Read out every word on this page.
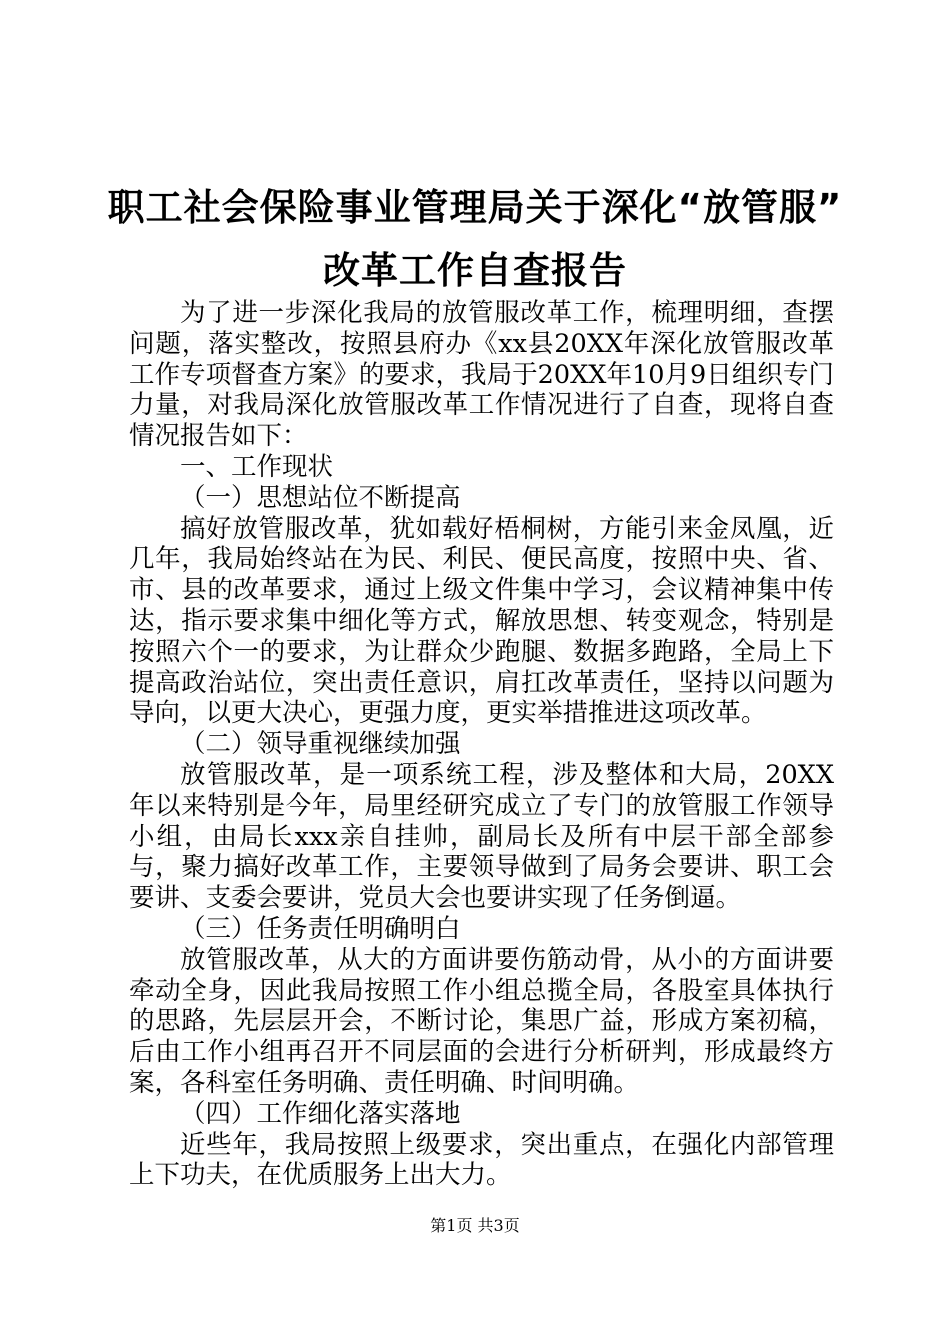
职工社会保险事业管理局关于深化“放管服”
改革工作自查报告

为了进一步深化我局的放管服改革工作，梳理明细，查摆问题，落实整改，按照县府办《xx县20XX年深化放管服改革工作专项督查方案》的要求，我局于20XX年10月9日组织专门力量，对我局深化放管服改革工作情况进行了自查，现将自查情况报告如下：

一、工作现状

（一）思想站位不断提高

搞好放管服改革，犹如载好梧桐树，方能引来金凤凰，近几年，我局始终站在为民、利民、便民高度，按照中央、省、市、县的改革要求，通过上级文件集中学习，会议精神集中传达，指示要求集中细化等方式，解放思想、转变观念，特别是按照六个一的要求，为让群众少跑腿、数据多跑路，全局上下提高政治站位，突出责任意识，肩扛改革责任，坚持以问题为导向，以更大决心，更强力度，更实举措推进这项改革。

（二）领导重视继续加强

放管服改革，是一项系统工程，涉及整体和大局，20XX年以来特别是今年，局里经研究成立了专门的放管服工作领导小组，由局长xxx亲自挂帅，副局长及所有中层干部全部参与，聚力搞好改革工作，主要领导做到了局务会要讲、职工会要讲、支委会要讲，党员大会也要讲实现了任务倒逼。

（三）任务责任明确明白

放管服改革，从大的方面讲要伤筋动骨，从小的方面讲要牵动全身，因此我局按照工作小组总揽全局，各股室具体执行的思路，先层层开会，不断讨论，集思广益，形成方案初稿，后由工作小组再召开不同层面的会进行分析研判，形成最终方案，各科室任务明确、责任明确、时间明确。

（四）工作细化落实落地

近些年，我局按照上级要求，突出重点，在强化内部管理上下功夫，在优质服务上出大力。

第1页 共3页
